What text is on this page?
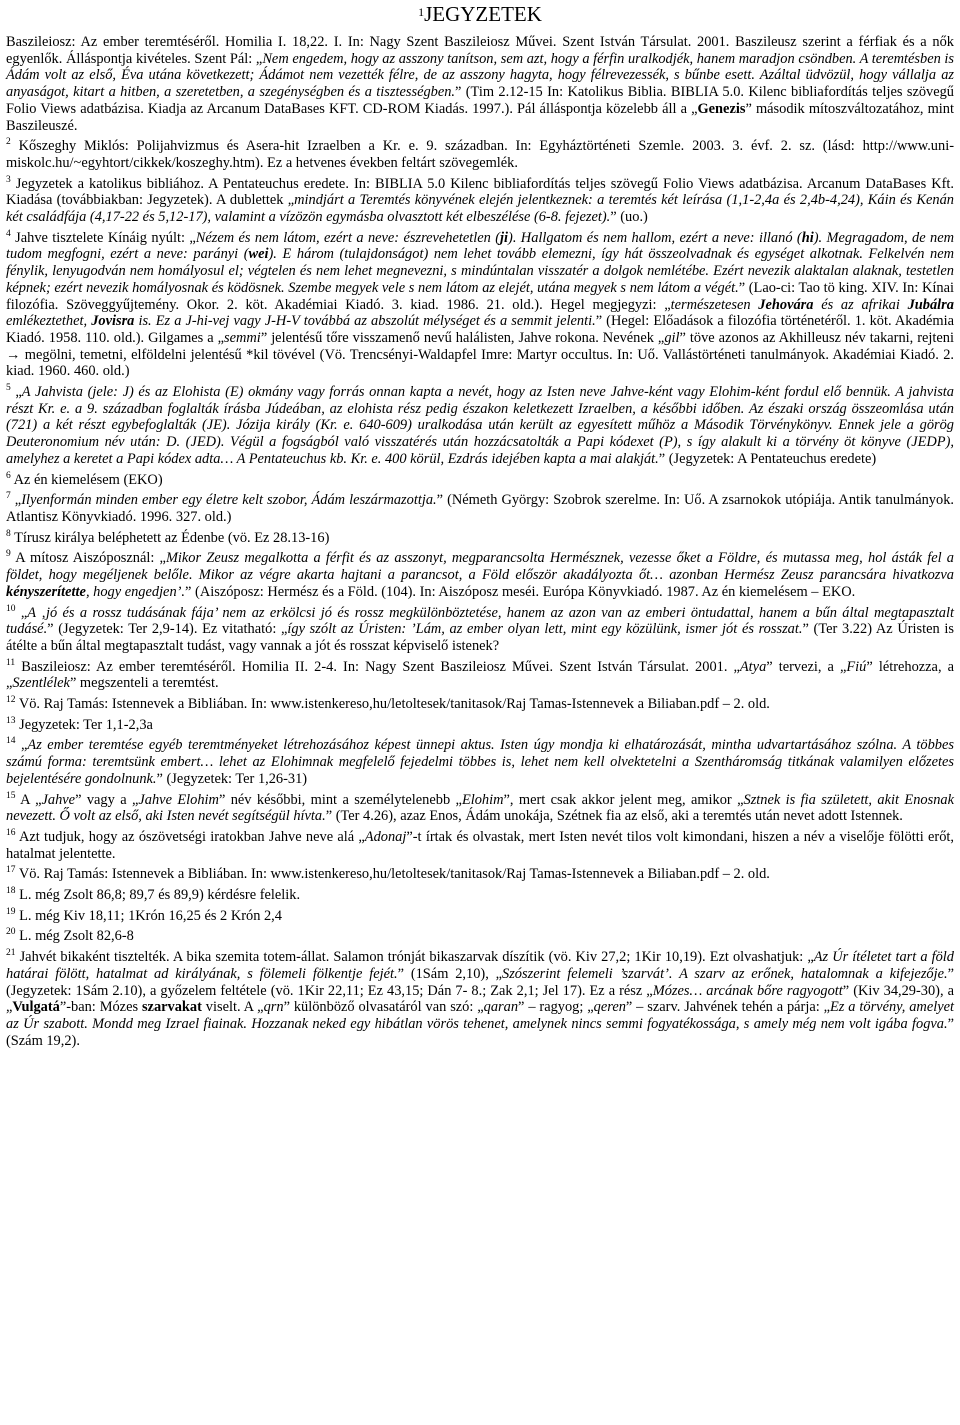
$^1$JEGYZETEK

Baszileiosz: Az ember teremtéséről. Homilia I. 18,22. I. In: Nagy Szent Baszileiosz Művei. Szent István Társulat. 2001. Baszileusz szerint a férfiak és a nők egyenlők. Álláspontja kivételes. Szent Pál: „Nem engedem, hogy az asszony tanítson, sem azt, hogy a férfin uralkodjék, hanem maradjon csöndben. A teremtésben is Ádám volt az első, Éva utána következett; Ádámot nem vezették félre, de az asszony hagyta, hogy félrevezessék, s bűnbe esett. Azáltal üdvözül, hogy vállalja az anyaságot, kitart a hitben, a szeretetben, a szegénységben és a tisztességben.” (Tim 2.12-15 In: Katolikus Biblia. BIBLIA 5.0. Kilenc bibliafordítás teljes szövegű Folio Views adatbázisa. Kiadja az Arcanum DataBases KFT. CD-ROM Kiadás. 1997.). Pál álláspontja közelebb áll a „Genezis” második mítoszváltozatához, mint Baszileuszé.

$^2$ Kőszeghy Miklós: Polijahvizmus és Asera-hit Izraelben a Kr. e. 9. században. In: Egyháztörténeti Szemle. 2003. 3. évf. 2. sz. (lásd: http://www.uni-miskolc.hu/~egyhtort/cikkek/koszeghy.htm). Ez a hetvenes években feltárt szövegemlék.

$^3$ Jegyzetek a katolikus bibliához. A Pentateuchus eredete. In: BIBLIA 5.0 Kilenc bibliafordítás teljes szövegű Folio Views adatbázisa. Arcanum DataBases Kft. Kiadása (továbbiakban: Jegyzetek). A dublettek „mindjárt a Teremtés könyvének elején jelentkeznek: a teremtés két leírása (1,1-2,4a és 2,4b-4,24), Káin és Kenán két családfája (4,17-22 és 5,12-17), valamint a vízözön egymásba olvasztott két elbeszélése (6-8. fejezet).” (uo.)

$^4$ Jahve tisztelete Kínáig nyúlt: „Nézem és nem látom, ezért a neve: észrevehetetlen (ji). Hallgatom és nem hallom, ezért a neve: illanó (hi). Megragadom, de nem tudom megfogni, ezért a neve: parányi (wei). E három (tulajdonságot) nem lehet tovább elemezni, így hát összeolvadnak és egységet alkotnak. Felkelvén nem fénylik, lenyugodván nem homályosul el; végtelen és nem lehet megnevezni, s mindúntalan visszatér a dolgok nemlétébe. Ezért nevezik alaktalan alaknak, testetlen képnek; ezért nevezik homályosnak és ködösnek. Szembe megyek vele s nem látom az elejét, utána megyek s nem látom a végét.” (Lao-ci: Tao tö king. XIV. In: Kínai filozófia. Szöveggyűjtemény. Okor. 2. köt. Akadémiai Kiadó. 3. kiad. 1986. 21. old.). Hegel megjegyzi: „természetesen Jehovára és az afrikai Jubálra emlékeztethet, Jovisra is. Ez a J-hi-vej vagy J-H-V továbbá az abszolút mélységet és a semmit jelenti.” (Hegel: Előadások a filozófia történetéről. 1. köt. Akadémia Kiadó. 1958. 110. old.). Gilgames a „semmi” jelentésű tőre visszamenő nevű halálisten, Jahve rokona. Nevének „gil” töve azonos az Akhilleusz név takarni, rejteni → megölni, temetni, elföldelni jelentésű *kil tövével (Vö. Trencsényi-Waldapfel Imre: Martyr occultus. In: Uő. Vallástörténeti tanulmányok. Akadémiai Kiadó. 2. kiad. 1960. 460. old.)

$^5$ „A Jahvista (jele: J) és az Elohista (E) okmány vagy forrás onnan kapta a nevét, hogy az Isten neve Jahve-ként vagy Elohim-ként fordul elő bennük. A jahvista részt Kr. e. a 9. században foglalták írásba Júdeában, az elohista rész pedig északon keletkezett Izraelben, a későbbi időben. Az északi ország összeomlása után (721) a két részt egybefoglalták (JE). Józija király (Kr. e. 640-609) uralkodása után került az egyesített műhöz a Második Törvénykönyv. Ennek jele a görög Deuteronomium név után: D. (JED). Végül a fogságból való visszatérés után hozzácsatolták a Papi kódexet (P), s így alakult ki a törvény öt könyve (JEDP), amelyhez a keretet a Papi kódex adta… A Pentateuchus kb. Kr. e. 400 körül, Ezdrás idejében kapta a mai alakját.” (Jegyzetek: A Pentateuchus eredete)

$^6$ Az én kiemelésem (EKO)

$^7$ „Ilyenformán minden ember egy életre kelt szobor, Ádám leszármazottja.” (Németh György: Szobrok szerelme. In: Uő. A zsarnokok utópiája. Antik tanulmányok. Atlantisz Könyvkiadó. 1996. 327. old.)

$^8$ Tírusz királya beléphetett az Édenbe (vö. Ez 28.13-16)

$^9$ A mítosz Aiszóposznál: „Mikor Zeusz megalkotta a férfit és az asszonyt, megparancsolta Hermésznek, vezesse őket a Földre, és mutassa meg, hol ásták fel a földet, hogy megéljenek belőle. Mikor az végre akarta hajtani a parancsot, a Föld először akadályozta őt… azonban Hermész Zeusz parancsára hivatkozva kényszerítette, hogy engedjen’.” (Aiszóposz: Hermész és a Föld. (104). In: Aiszóposz meséi. Európa Könyvkiadó. 1987. Az én kiemelésem – EKO.

$^{10}$ „A ‚jó és a rossz tudásának fája’ nem az erkölcsi jó és rossz megkülönböztetése, hanem az azon van az emberi öntudattal, hanem a bűn által megtapasztalt tudásé.” (Jegyzetek: Ter 2,9-14). Ez vitatható: „így szólt az Úristen: ’Lám, az ember olyan lett, mint egy közülünk, ismer jót és rosszat.” (Ter 3.22) Az Úristen is átélte a bűn által megtapasztalt tudást, vagy vannak a jót és rosszat képviselő istenek?

$^{11}$ Baszileiosz: Az ember teremtéséről. Homilia II. 2-4. In: Nagy Szent Baszileiosz Művei. Szent István Társulat. 2001. „Atya” tervezi, a „Fiú” létrehozza, a „Szentlélek” megszenteli a teremtést.

$^{12}$ Vö. Raj Tamás: Istennevek a Bibliában. In: www.istenkereso,hu/letoltesek/tanitasok/Raj Tamas-Istennevek a Biliaban.pdf – 2. old.

$^{13}$ Jegyzetek: Ter 1,1-2,3a

$^{14}$ „Az ember teremtése egyéb teremtményeket létrehozásához képest ünnepi aktus. Isten úgy mondja ki elhatározását, mintha udvartartásához szólna. A többes számú forma: teremtsünk embert… lehet az Elohimnak megfelelő fejedelmi többes is, lehet nem kell olvektetelni a Szentháromság titkának valamilyen előzetes bejelentésére gondolnunk.” (Jegyzetek: Ter 1,26-31)

$^{15}$ A „Jahve” vagy a „Jahve Elohim” név későbbi, mint a személytelenebb „Elohim”, mert csak akkor jelent meg, amikor „Sztnek is fia született, akit Enosnak nevezett. Ő volt az első, aki Isten nevét segítségül hívta.” (Ter 4.26), azaz Enos, Ádám unokája, Szétnek fia az első, aki a teremtés után nevet adott Istennek.

$^{16}$ Azt tudjuk, hogy az ószövetségi iratokban Jahve neve alá „Adonaj”-t írtak és olvastak, mert Isten nevét tilos volt kimondani, hiszen a név a viselője fölötti erőt, hatalmat jelentette.

$^{17}$ Vö. Raj Tamás: Istennevek a Bibliában. In: www.istenkereso,hu/letoltesek/tanitasok/Raj Tamas-Istennevek a Biliaban.pdf – 2. old.

$^{18}$ L. még Zsolt 86,8; 89,7 és 89,9) kérdésre felelik.

$^{19}$ L. még Kiv 18,11; 1Krón 16,25 és 2 Krón 2,4

$^{20}$ L. még Zsolt 82,6-8

$^{21}$ Jahvét bikaként tisztelték. A bika szemita totem-állat. Salamon trónját bikaszarvak díszítik (vö. Kiv 27,2; 1Kir 10,19). Ezt olvashatjuk: „Az Úr ítéletet tart a föld határai fölött, hatalmat ad királyának, s fölemeli fölkentje fejét.” (1Sám 2,10), „Szószerint felemeli ’szarvát’. A szarv az erőnek, hatalomnak a kifejezője.” (Jegyzetek: 1Sám 2.10), a győzelem feltétele (vö. 1Kir 22,11; Ez 43,15; Dán 7- 8.; Zak 2,1; Jel 17). Ez a rész „Mózes… arcának bőre ragyogott” (Kiv 34,29-30), a „Vulgatá”-ban: Mózes szarvakat viselt. A „qrn” különböző olvasatáról van szó: „qaran” – ragyog; „qeren” – szarv. Jahvének tehén a párja: „Ez a törvény, amelyet az Úr szabott. Mondd meg Izrael fiainak. Hozzanak neked egy hibátlan vörös tehenet, amelynek nincs semmi fogyatékossága, s amely még nem volt igába fogva.” (Szám 19,2).
